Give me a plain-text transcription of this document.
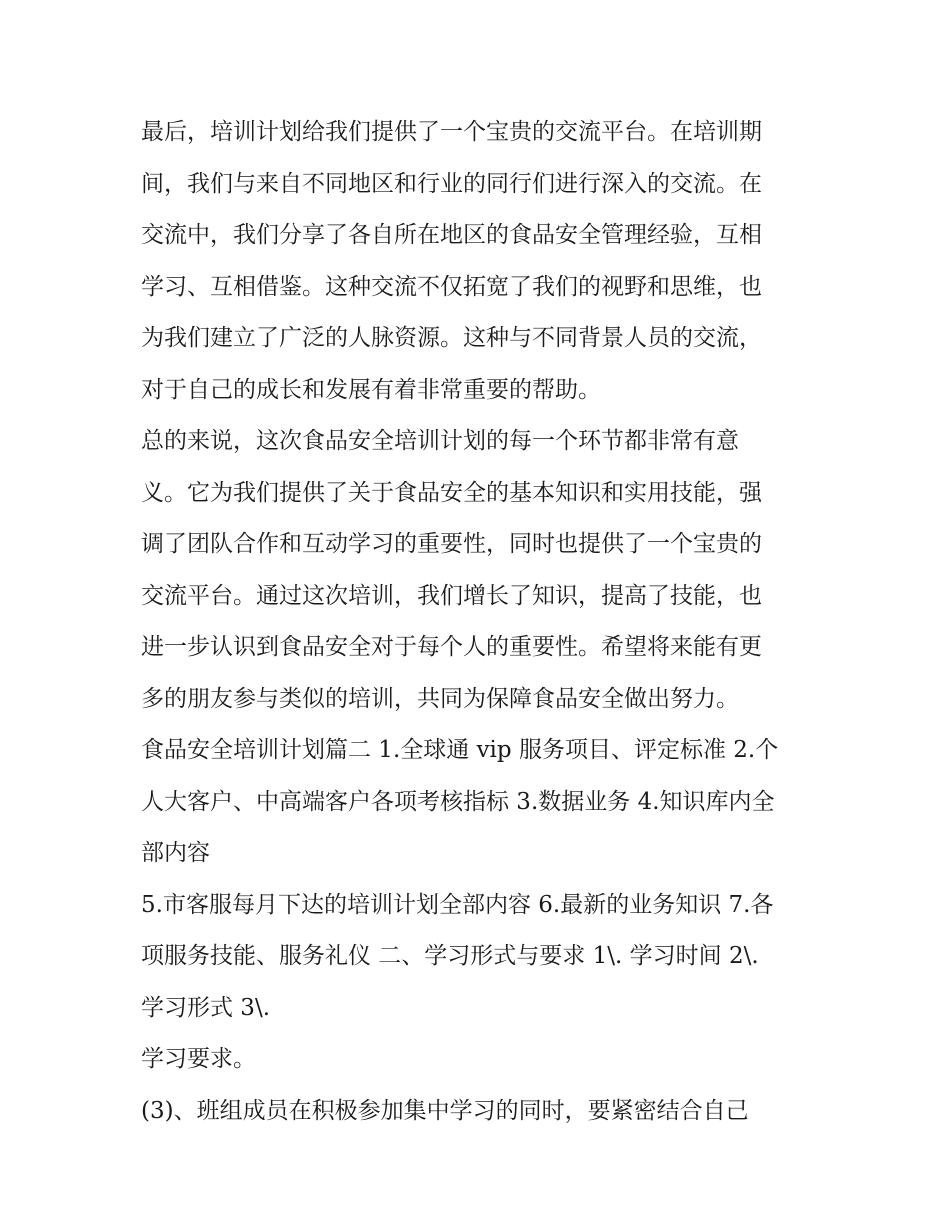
最后，培训计划给我们提供了一个宝贵的交流平台。在培训期
间，我们与来自不同地区和行业的同行们进行深入的交流。在
交流中，我们分享了各自所在地区的食品安全管理经验，互相
学习、互相借鉴。这种交流不仅拓宽了我们的视野和思维，也
为我们建立了广泛的人脉资源。这种与不同背景人员的交流，
对于自己的成长和发展有着非常重要的帮助。
总的来说，这次食品安全培训计划的每一个环节都非常有意
义。它为我们提供了关于食品安全的基本知识和实用技能，强
调了团队合作和互动学习的重要性，同时也提供了一个宝贵的
交流平台。通过这次培训，我们增长了知识，提高了技能，也
进一步认识到食品安全对于每个人的重要性。希望将来能有更
多的朋友参与类似的培训，共同为保障食品安全做出努力。
食品安全培训计划篇二 1.全球通 vip 服务项目、评定标准 2.个
人大客户、中高端客户各项考核指标 3.数据业务 4.知识库内全
部内容
5.市客服每月下达的培训计划全部内容 6.最新的业务知识 7.各
项服务技能、服务礼仪 二、学习形式与要求 1\. 学习时间 2\.
学习形式 3\.
学习要求。
(3)、班组成员在积极参加集中学习的同时，要紧密结合自己
